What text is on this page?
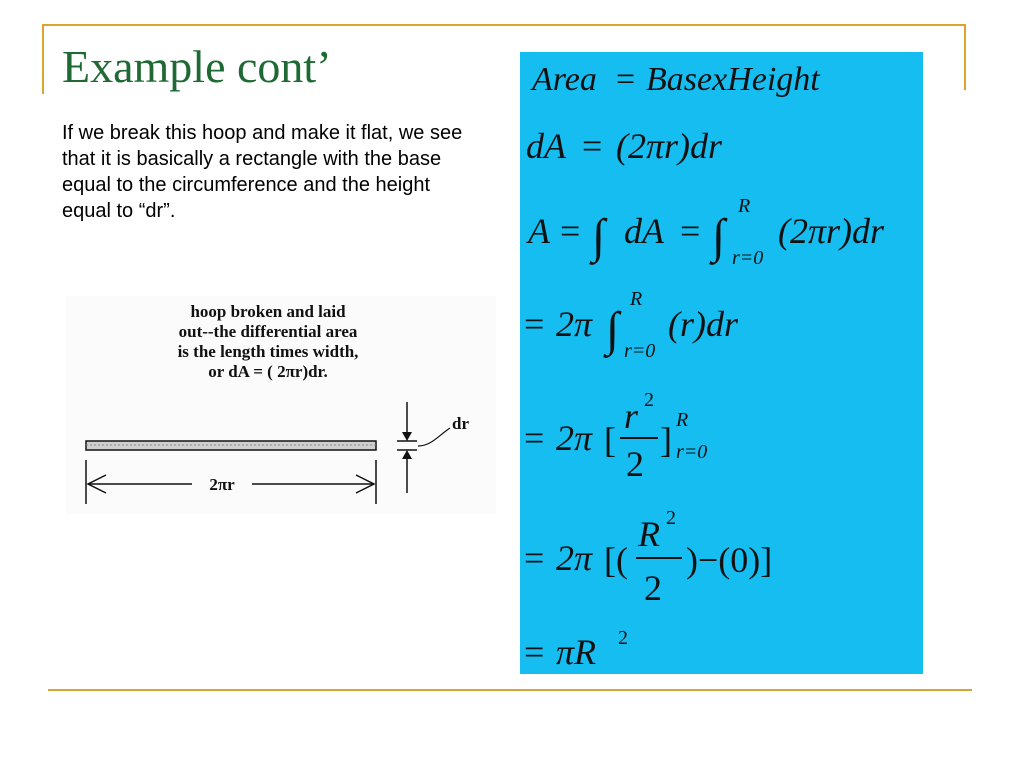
Example cont’
If we break this hoop and make it flat, we see that it is basically a rectangle with the base equal to the circumference and the height equal to “dr”.
hoop broken and laid
out--the differential area
is the length times width,
or dA = ( 2πr)dr.
dr
2πr
Area = BasexHeight
dA = (2πr)dr
A = ∫ dA = ∫
R
r=0
(2πr)dr
= 2π ∫
R
r=0
(r)dr
= 2π [
r 2
2
] R
r=0
= 2π [(
R 2
2
)−(0)]
= πR 2
